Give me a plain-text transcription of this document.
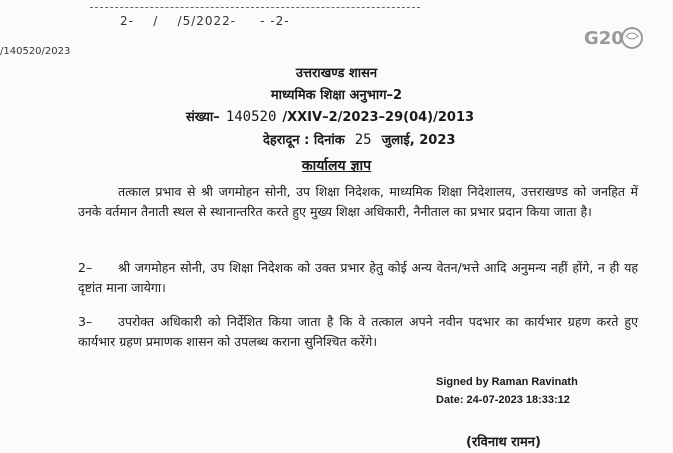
2-    /    /5/2022-     - -2-
/140520/2023
G20
उत्तराखण्ड शासन
माध्यमिक शिक्षा अनुभाग–2
संख्या– 140520 /XXIV–2/2023–29(04)/2013
देहरादून : दिनांक 25 जुलाई, 2023
कार्यालय ज्ञाप
तत्काल प्रभाव से श्री जगमोहन सोनी, उप शिक्षा निदेशक, माध्यमिक शिक्षा निदेशालय, उत्तराखण्ड को जनहित में उनके वर्तमान तैनाती स्थल से स्थानान्तरित करते हुए मुख्य शिक्षा अधिकारी, नैनीताल का प्रभार प्रदान किया जाता है।
2– श्री जगमोहन सोनी, उप शिक्षा निदेशक को उक्त प्रभार हेतु कोई अन्य वेतन/भत्ते आदि अनुमन्य नहीं होंगे, न ही यह दृष्टांत माना जायेगा।
3– उपरोक्त अधिकारी को निर्देशित किया जाता है कि वे तत्काल अपने नवीन पदभार का कार्यभार ग्रहण करते हुए कार्यभार ग्रहण प्रमाणक शासन को उपलब्ध कराना सुनिश्चित करेंगे।
Signed by Raman Ravinath
Date: 24-07-2023 18:33:12
(रविनाथ रामन)
